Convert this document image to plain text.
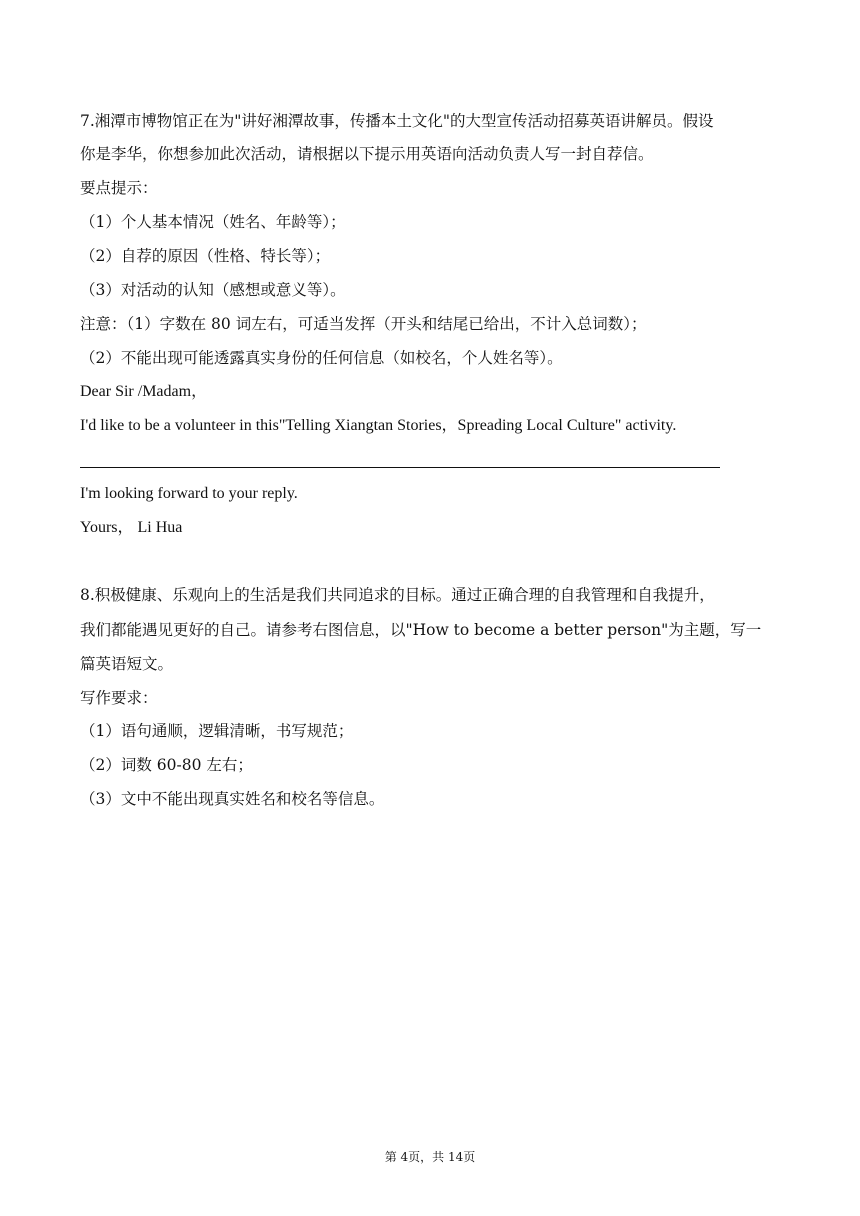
7.湘潭市博物馆正在为"讲好湘潭故事，传播本土文化"的大型宣传活动招募英语讲解员。假设
你是李华，你想参加此次活动，请根据以下提示用英语向活动负责人写一封自荐信。
要点提示：
（1）个人基本情况（姓名、年龄等）；
（2）自荐的原因（性格、特长等）；
（3）对活动的认知（感想或意义等）。
注意：（1）字数在 80 词左右，可适当发挥（开头和结尾已给出，不计入总词数）；
（2）不能出现可能透露真实身份的任何信息（如校名，个人姓名等）。
Dear Sir /Madam，
I'd like to be a volunteer in this"Telling Xiangtan Stories，Spreading Local Culture" activity.
I'm looking forward to your reply.
Yours， Li Hua
8.积极健康、乐观向上的生活是我们共同追求的目标。通过正确合理的自我管理和自我提升，
我们都能遇见更好的自己。请参考右图信息，以"How to become a better person"为主题，写一
篇英语短文。
写作要求：
（1）语句通顺，逻辑清晰，书写规范；
（2）词数 60-80 左右；
（3）文中不能出现真实姓名和校名等信息。
第 4页，共 14页
